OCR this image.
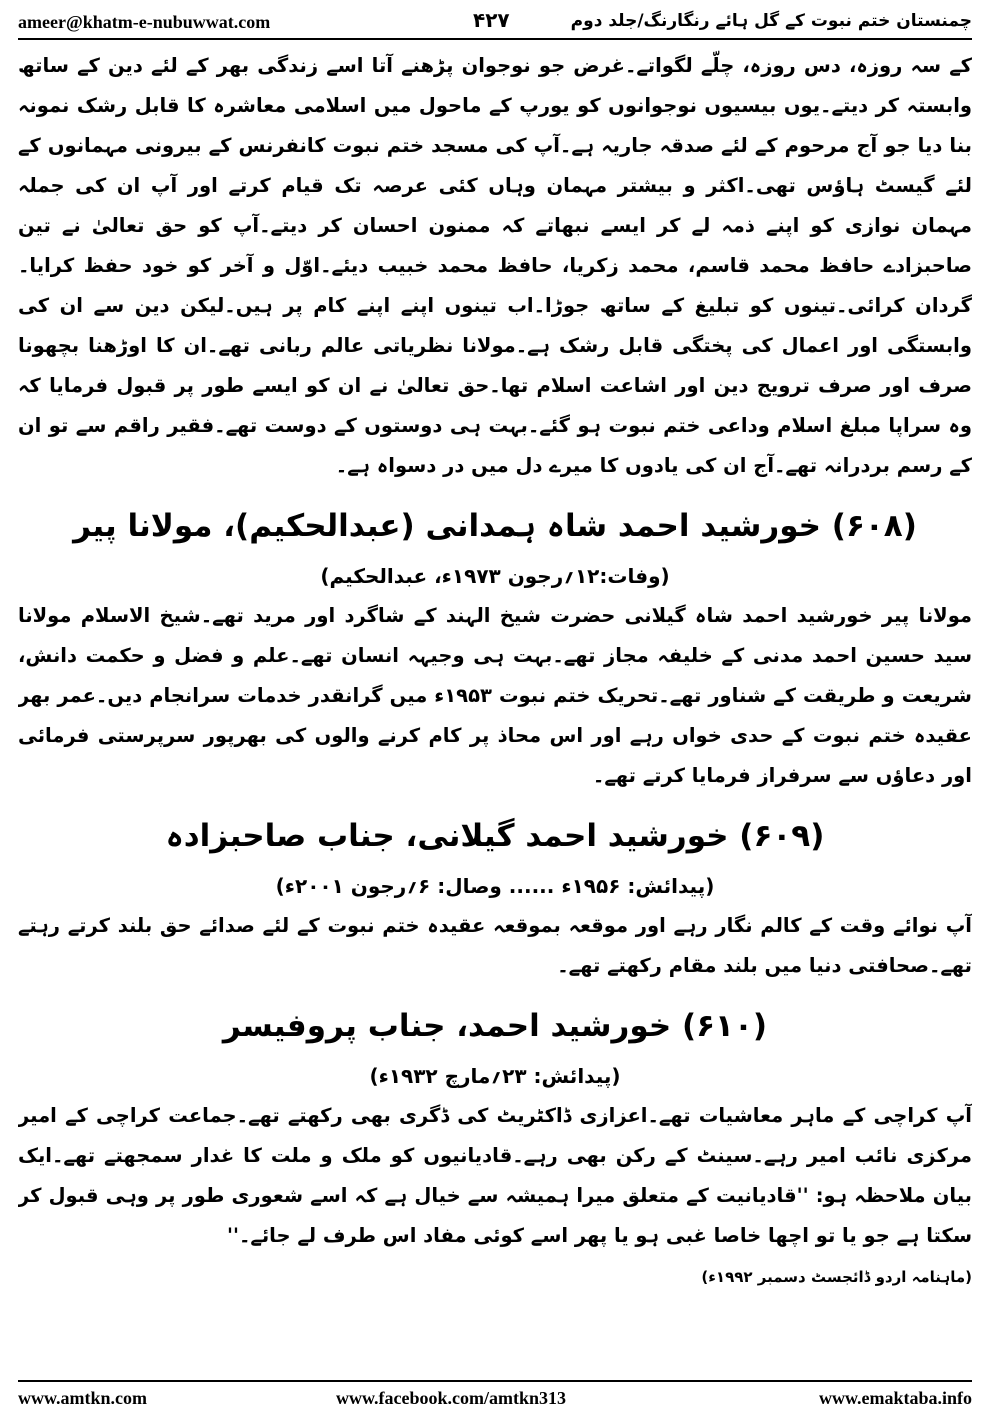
ameer@khatm-e-nubuwwat.com	۴۲۷	چمنستان ختم نبوت کے گل ہائے رنگارنگ/جلد دوم

کے سہ روزہ، دس روزہ، چلّے لگواتے۔غرض جو نوجوان پڑھنے آتا اسے زندگی بھر کے لئے دین کے ساتھ وابستہ کر دیتے۔یوں بیسیوں نوجوانوں کو یورپ کے ماحول میں اسلامی معاشرہ کا قابل رشک نمونہ بنا دیا جو آج مرحوم کے لئے صدقہ جاریہ ہے۔آپ کی مسجد ختم نبوت کانفرنس کے بیرونی مہمانوں کے لئے گیسٹ ہاؤس تھی۔اکثر و بیشتر مہمان وہاں کئی عرصہ تک قیام کرتے اور آپ ان کی جملہ مہمان نوازی کو اپنے ذمہ لے کر ایسے نبھاتے کہ ممنون احسان کر دیتے۔آپ کو حق تعالیٰ نے تین صاحبزادے حافظ محمد قاسم، محمد زکریا، حافظ محمد خبیب دیئے۔اوّل و آخر کو خود حفظ کرایا۔گردان کرائی۔تینوں کو تبلیغ کے ساتھ جوڑا۔اب تینوں اپنے اپنے کام پر ہیں۔لیکن دین سے ان کی وابستگی اور اعمال کی پختگی قابل رشک ہے۔مولانا نظریاتی عالم ربانی تھے۔ان کا اوڑھنا بچھونا صرف اور صرف ترویج دین اور اشاعت اسلام تھا۔حق تعالیٰ نے ان کو ایسے طور پر قبول فرمایا کہ وہ سراپا مبلغ اسلام وداعی ختم نبوت ہو گئے۔بہت ہی دوستوں کے دوست تھے۔فقیر راقم سے تو ان کے رسم بردرانہ تھے۔آج ان کی یادوں کا میرے دل میں در دسواہ ہے۔

(۶۰۸) خورشید احمد شاہ ہمدانی (عبدالحکیم)، مولانا پیر
(وفات:۱۲؍رجون ۱۹۷۳ء، عبدالحکیم)

مولانا پیر خورشید احمد شاہ گیلانی حضرت شیخ الہند کے شاگرد اور مرید تھے۔شیخ الاسلام مولانا سید حسین احمد مدنی کے خلیفہ مجاز تھے۔بہت ہی وجیہہ انسان تھے۔علم و فضل و حکمت دانش، شریعت و طریقت کے شناور تھے۔تحریک ختم نبوت ۱۹۵۳ء میں گرانقدر خدمات سرانجام دیں۔عمر بھر عقیدہ ختم نبوت کے حدی خواں رہے اور اس محاذ پر کام کرنے والوں کی بھرپور سرپرستی فرمائی اور دعاؤں سے سرفراز فرمایا کرتے تھے۔

(۶۰۹) خورشید احمد گیلانی، جناب صاحبزادہ
(پیدائش: ۱۹۵۶ء ...... وصال: ۶؍رجون ۲۰۰۱ء)

آپ نوائے وقت کے کالم نگار رہے اور موقعہ بموقعہ عقیدہ ختم نبوت کے لئے صدائے حق بلند کرتے رہتے تھے۔صحافتی دنیا میں بلند مقام رکھتے تھے۔

(۶۱۰) خورشید احمد، جناب پروفیسر
(پیدائش: ۲۳؍مارچ ۱۹۳۲ء)

آپ کراچی کے ماہر معاشیات تھے۔اعزازی ڈاکٹریٹ کی ڈگری بھی رکھتے تھے۔جماعت کراچی کے امیر مرکزی نائب امیر رہے۔سینٹ کے رکن بھی رہے۔قادیانیوں کو ملک و ملت کا غدار سمجھتے تھے۔ایک بیان ملاحظہ ہو: ''قادیانیت کے متعلق میرا ہمیشہ سے خیال ہے کہ اسے شعوری طور پر وہی قبول کر سکتا ہے جو یا تو اچھا خاصا غبی ہو یا پھر اسے کوئی مفاد اس طرف لے جائے۔''

(ماہنامہ اردو ڈائجسٹ دسمبر ۱۹۹۲ء)
www.amtkn.com	www.facebook.com/amtkn313	www.emaktaba.info
